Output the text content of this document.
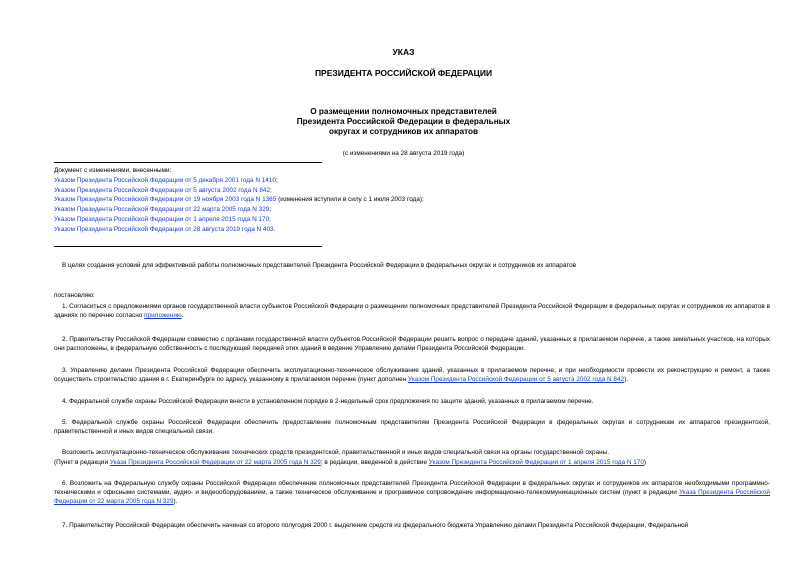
УКАЗ
ПРЕЗИДЕНТА РОССИЙСКОЙ ФЕДЕРАЦИИ
О размещении полномочных представителей
Президента Российской Федерации в федеральных
округах и сотрудников их аппаратов
(с изменениями на 28 августа 2019 года)
Документ с изменениями, внесенными:
Указом Президента Российской Федерации от 5 декабря 2001 года N 1410;
Указом Президента Российской Федерации от 5 августа 2002 года N 842;
Указом Президента Российской Федерации от 19 ноября 2003 года N 1365 (изменения вступили в силу с 1 июля 2003 года);
Указом Президента Российской Федерации от 22 марта 2005 года N 329;
Указом Президента Российской Федерации от 1 апреля 2015 года N 170;
Указом Президента Российской Федерации от 28 августа 2019 года N 403.
В целях создания условий для эффективной работы полномочных представителей Президента Российской Федерации в федеральных округах и сотрудников их аппаратов
постановляю:
1. Согласиться с предложениями органов государственной власти субъектов Российской Федерации о размещении полномочных представителей Президента Российской Федерации в федеральных округах и сотрудников их аппаратов в зданиях по перечню согласно приложению.
2. Правительству Российской Федерации совместно с органами государственной власти субъектов Российской Федерации решить вопрос о передаче зданий, указанных в прилагаемом перечне, а также земельных участков, на которых они расположены, в федеральную собственность с последующей передачей этих зданий в ведение Управлению делами Президента Российской Федерации.
3. Управлению делами Президента Российской Федерации обеспечить эксплуатационно-техническое обслуживание зданий, указанных в прилагаемом перечне, и при необходимости провести их реконструкцию и ремонт, а также осуществить строительство здания в г. Екатеринбурге по адресу, указанному в прилагаемом перечне (пункт дополнен Указом Президента Российской Федерации от 5 августа 2002 года N 842).
4. Федеральной службе охраны Российской Федерации внести в установленном порядке в 2-недельный срок предложения по защите зданий, указанных в прилагаемом перечне.
5. Федеральной службе охраны Российской Федерации обеспечить предоставление полномочным представителям Президента Российской Федерации в федеральных округах и сотрудникам их аппаратов президентской, правительственной и иных видов специальной связи.
Возложить эксплуатационно-техническое обслуживание технических средств президентской, правительственной и иных видов специальной связи на органы государственной охраны.
(Пункт в редакции Указа Президента Российской Федерации от 22 марта 2005 года N 329; в редакции, введенной в действие Указом Президента Российской Федерации от 1 апреля 2015 года N 170)
6. Возложить на Федеральную службу охраны Российской Федерации обеспечение полномочных представителей Президента Российской Федерации в федеральных округах и сотрудников их аппаратов необходимыми программно-техническими и офисными системами, аудио- и видеооборудованием, а также техническое обслуживание и программное сопровождение информационно-телекоммуникационных систем (пункт в редакции Указа Президента Российской Федерации от 22 марта 2005 года N 329).
7. Правительству Российской Федерации обеспечить начиная со второго полугодия 2000 г. выделение средств из федерального бюджета Управлению делами Президента Российской Федерации, Федеральной
